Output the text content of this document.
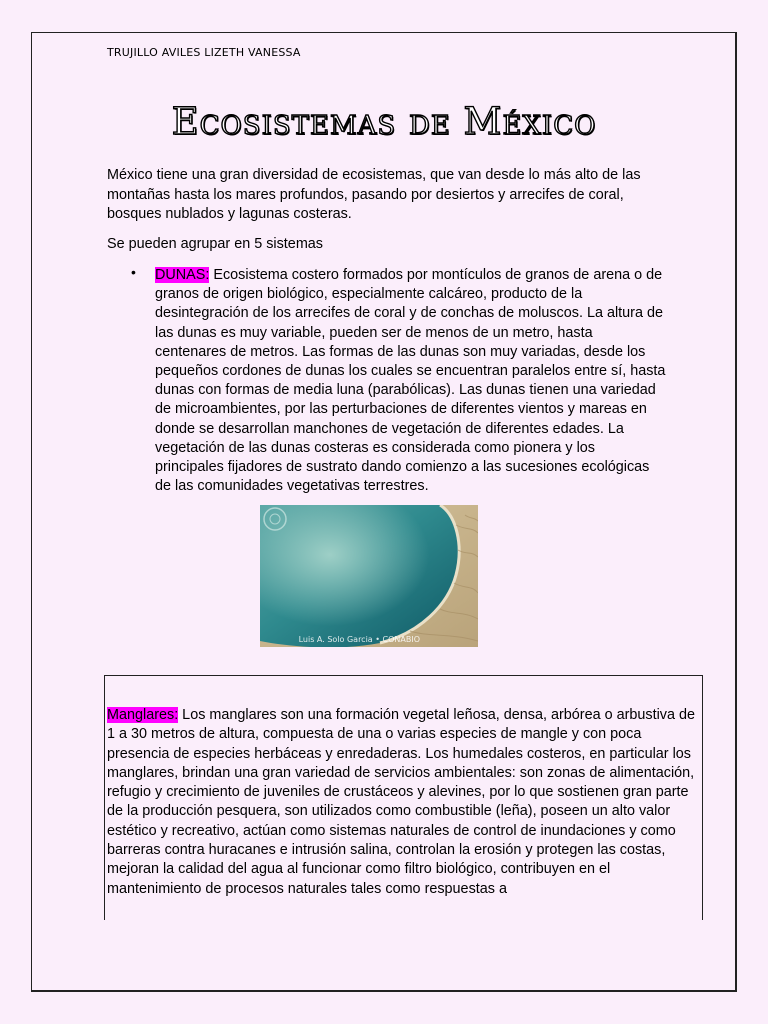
TRUJILLO AVILES LIZETH VANESSA
Ecosistemas de México

México tiene una gran diversidad de ecosistemas, que van desde lo más alto de las montañas hasta los mares profundos, pasando por desiertos y arrecifes de coral, bosques nublados y lagunas costeras.

Se pueden agrupar en 5 sistemas

• DUNAS: Ecosistema costero formados por montículos de granos de arena o de granos de origen biológico, especialmente calcáreo, producto de la desintegración de los arrecifes de coral y de conchas de moluscos. La altura de las dunas es muy variable, pueden ser de menos de un metro, hasta centenares de metros. Las formas de las dunas son muy variadas, desde los pequeños cordones de dunas los cuales se encuentran paralelos entre sí, hasta dunas con formas de media luna (parabólicas). Las dunas tienen una variedad de microambientes, por las perturbaciones de diferentes vientos y mareas en donde se desarrollan manchones de vegetación de diferentes edades. La vegetación de las dunas costeras es considerada como pionera y los principales fijadores de sustrato dando comienzo a las sucesiones ecológicas de las comunidades vegetativas terrestres.

Luis A. Solo Garcia • CONABIO

Manglares: Los manglares son una formación vegetal leñosa, densa, arbórea o arbustiva de 1 a 30 metros de altura, compuesta de una o varias especies de mangle y con poca presencia de especies herbáceas y enredaderas. Los humedales costeros, en particular los manglares, brindan una gran variedad de servicios ambientales: son zonas de alimentación, refugio y crecimiento de juveniles de crustáceos y alevines, por lo que sostienen gran parte de la producción pesquera, son utilizados como combustible (leña), poseen un alto valor estético y recreativo, actúan como sistemas naturales de control de inundaciones y como barreras contra huracanes e intrusión salina, controlan la erosión y protegen las costas, mejoran la calidad del agua al funcionar como filtro biológico, contribuyen en el mantenimiento de procesos naturales tales como respuestas a
